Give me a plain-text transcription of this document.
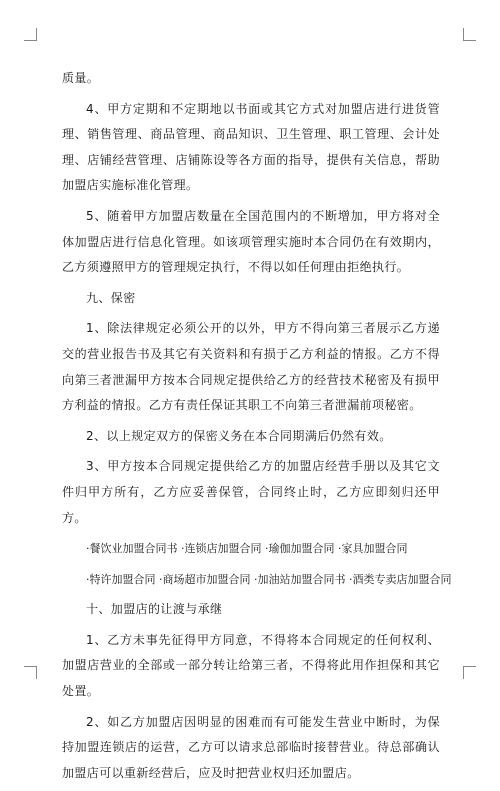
质量。

4、甲方定期和不定期地以书面或其它方式对加盟店进行进货管理、销售管理、商品管理、商品知识、卫生管理、职工管理、会计处理、店铺经营管理、店铺陈设等各方面的指导，提供有关信息，帮助加盟店实施标准化管理。

5、随着甲方加盟店数量在全国范围内的不断增加，甲方将对全体加盟店进行信息化管理。如该项管理实施时本合同仍在有效期内，乙方须遵照甲方的管理规定执行，不得以如任何理由拒绝执行。

九、保密

1、除法律规定必须公开的以外，甲方不得向第三者展示乙方递交的营业报告书及其它有关资料和有损于乙方利益的情报。乙方不得向第三者泄漏甲方按本合同规定提供给乙方的经营技术秘密及有损甲方利益的情报。乙方有责任保证其职工不向第三者泄漏前项秘密。

2、以上规定双方的保密义务在本合同期满后仍然有效。

3、甲方按本合同规定提供给乙方的加盟店经营手册以及其它文件归甲方所有，乙方应妥善保管，合同终止时，乙方应即刻归还甲方。

·餐饮业加盟合同书 ·连锁店加盟合同 ·瑜伽加盟合同 ·家具加盟合同

·特许加盟合同 ·商场超市加盟合同 ·加油站加盟合同书 ·酒类专卖店加盟合同

十、加盟店的让渡与承继

1、乙方未事先征得甲方同意，不得将本合同规定的任何权利、加盟店营业的全部或一部分转让给第三者，不得将此用作担保和其它处置。

2、如乙方加盟店因明显的困难而有可能发生营业中断时，为保持加盟连锁店的运营，乙方可以请求总部临时接替营业。待总部确认加盟店可以重新经营后，应及时把营业权归还加盟店。
